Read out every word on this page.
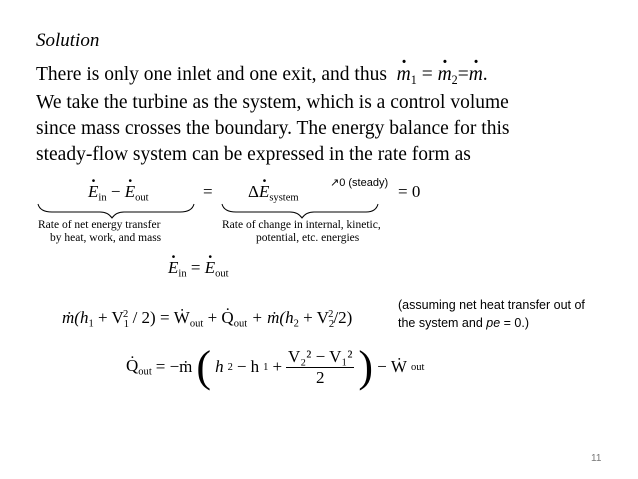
Solution
There is only one inlet and one exit, and thus · $m_1$ = · $m_2=\cdot m$.
We take the turbine as the system, which is a control volume
since mass crosses the boundary. The energy balance for this
steady-flow system can be expressed in the rate form as
· $E_{in}$ − · $E_{out}$	= $\Delta\cdot E_{system}$
↗0 (steady) = 0
Rate of net energy transfer
by heat, work, and mass
Rate of change in internal, kinetic,
potential, etc. energies
· $E_{in}$ = · $E_{out}$
$ṁ(h_1 + V_1^2 / 2)$ = Ẇ$_{out}$ + $Q̇_{out}$ + $ṁ(h_2 + V_2^2/2)$
(assuming net heat transfer out of
the system and pe = 0.)
$Q̇_{out}$ = −ṁ ( h 2 − h $1 + \frac{\text{V₂² − V₁²}}{2}$ ) − Ẇ out
11
